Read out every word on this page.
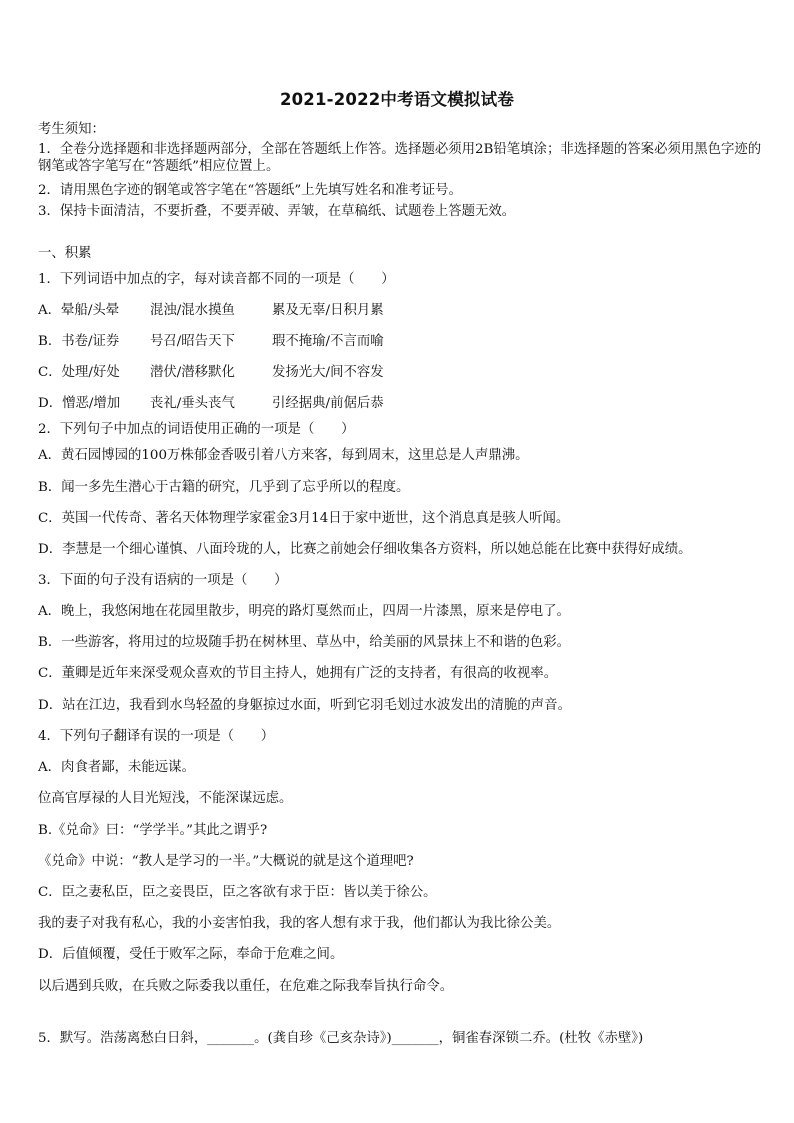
2021-2022中考语文模拟试卷
考生须知：
1．全卷分选择题和非选择题两部分，全部在答题纸上作答。选择题必须用2B铅笔填涂；非选择题的答案必须用黑色字迹的钢笔或答字笔写在“答题纸”相应位置上。
2．请用黑色字迹的钢笔或答字笔在“答题纸”上先填写姓名和准考证号。
3．保持卡面清洁，不要折叠，不要弄破、弄皱，在草稿纸、试题卷上答题无效。
一、积累
1．下列词语中加点的字，每对读音都不同的一项是（　　）
A．晕船/头晕 混浊/混水摸鱼	累及无辜/日积月累
B．书卷/证券 号召/昭告天下	瑕不掩瑜/不言而喻
C．处理/好处 潜伏/潜移默化	发扬光大/间不容发
D．憎恶/增加 丧礼/垂头丧气	引经据典/前倨后恭
2．下列句子中加点的词语使用正确的一项是（　　）
A．黄石园博园的100万株郁金香吸引着八方来客，每到周末，这里总是人声鼎沸。
B．闻一多先生潜心于古籍的研究，几乎到了忘乎所以的程度。
C．英国一代传奇、著名天体物理学家霍金3月14日于家中逝世，这个消息真是骇人听闻。
D．李慧是一个细心谨慎、八面玲珑的人，比赛之前她会仔细收集各方资料，所以她总能在比赛中获得好成绩。
3．下面的句子没有语病的一项是（　　）
A．晚上，我悠闲地在花园里散步，明亮的路灯戛然而止，四周一片漆黑，原来是停电了。
B．一些游客，将用过的垃圾随手扔在树林里、草丛中，给美丽的风景抹上不和谐的色彩。
C．董卿是近年来深受观众喜欢的节目主持人，她拥有广泛的支持者，有很高的收视率。
D．站在江边，我看到水鸟轻盈的身躯掠过水面，听到它羽毛划过水波发出的清脆的声音。
4．下列句子翻译有误的一项是（　　）
A．肉食者鄙，未能远谋。
位高官厚禄的人目光短浅，不能深谋远虑。
B.《兑命》曰：“学学半。”其此之谓乎?
《兑命》中说：“教人是学习的一半。”大概说的就是这个道理吧?
C．臣之妻私臣，臣之妾畏臣，臣之客欲有求于臣：皆以美于徐公。
我的妻子对我有私心，我的小妾害怕我，我的客人想有求于我，他们都认为我比徐公美。
D．后值倾覆，受任于败军之际，奉命于危难之间。
以后遇到兵败，在兵败之际委我以重任，在危难之际我奉旨执行命令。
5．默写。浩荡离愁白日斜，_______。(龚自珍《己亥杂诗》)_______，铜雀春深锁二乔。(杜牧《赤壁》)
